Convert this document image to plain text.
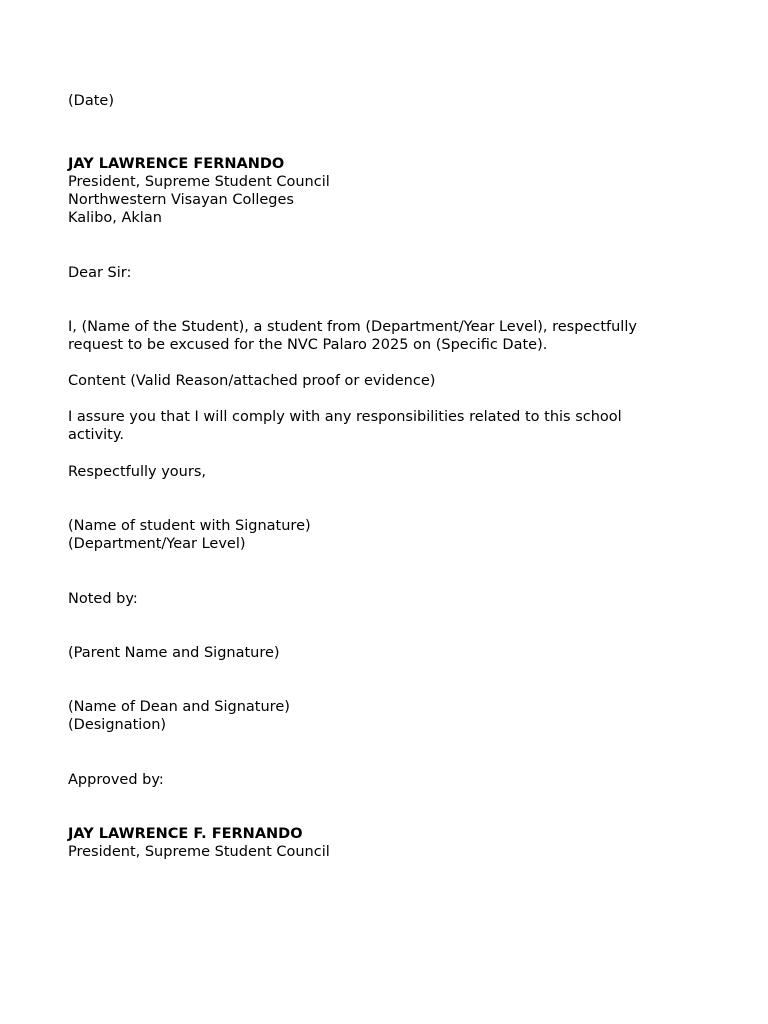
(Date)
JAY LAWRENCE FERNANDO
President, Supreme Student Council
Northwestern Visayan Colleges
Kalibo, Aklan
Dear Sir:
I, (Name of the Student), a student from (Department/Year Level), respectfully
request to be excused for the NVC Palaro 2025 on (Specific Date).
Content (Valid Reason/attached proof or evidence)
I assure you that I will comply with any responsibilities related to this school
activity.
Respectfully yours,
(Name of student with Signature)
(Department/Year Level)
Noted by:
(Parent Name and Signature)
(Name of Dean and Signature)
(Designation)
Approved by:
JAY LAWRENCE F. FERNANDO
President, Supreme Student Council
